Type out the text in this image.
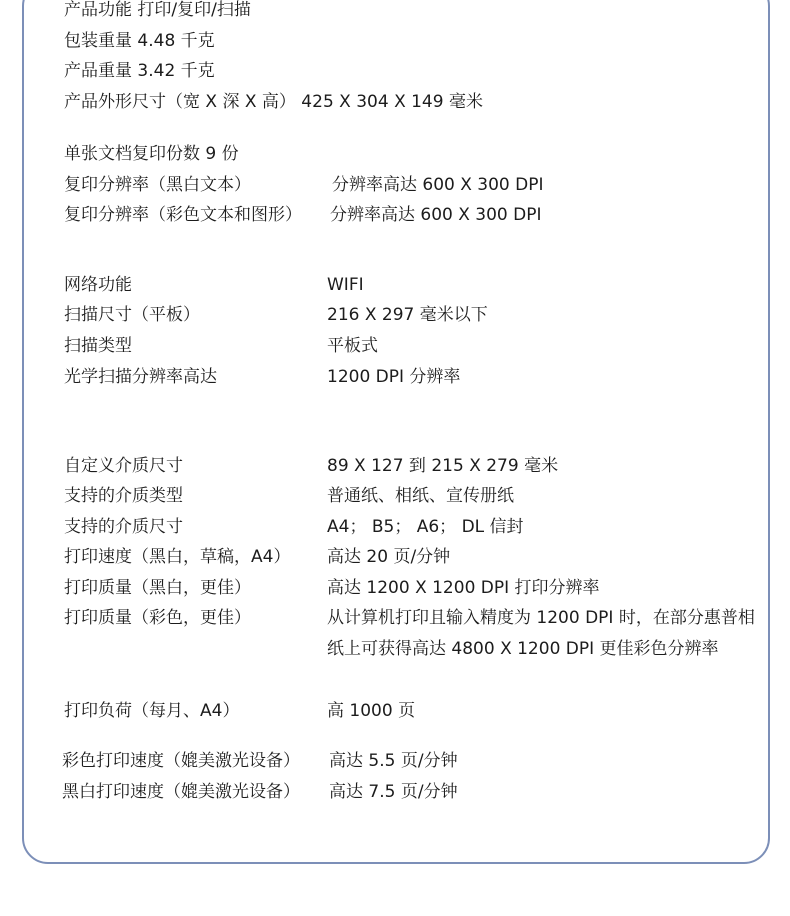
产品功能 打印/复印/扫描
包装重量 4.48 千克
产品重量 3.42 千克
产品外形尺寸（宽 X 深 X 高） 425 X 304 X 149 毫米
单张文档复印份数 9 份
复印分辨率（黑白文本）	分辨率高达 600 X 300 DPI
复印分辨率（彩色文本和图形） 分辨率高达 600 X 300 DPI
网络功能	WIFI
扫描尺寸（平板）	216 X 297 毫米以下
扫描类型	平板式
光学扫描分辨率高达	1200 DPI 分辨率
自定义介质尺寸	89 X 127 到 215 X 279 毫米
支持的介质类型	普通纸、相纸、宣传册纸
支持的介质尺寸	A4； B5； A6； DL 信封
打印速度（黑白，草稿，A4） 高达 20 页/分钟
打印质量（黑白，更佳）	高达 1200 X 1200 DPI 打印分辨率
打印质量（彩色，更佳）	从计算机打印且输入精度为 1200 DPI 时，在部分惠普相纸上可获得高达 4800 X 1200 DPI 更佳彩色分辨率
打印负荷（每月、A4）	高 1000 页
彩色打印速度（媲美激光设备） 高达 5.5 页/分钟
黑白打印速度（媲美激光设备） 高达 7.5 页/分钟
